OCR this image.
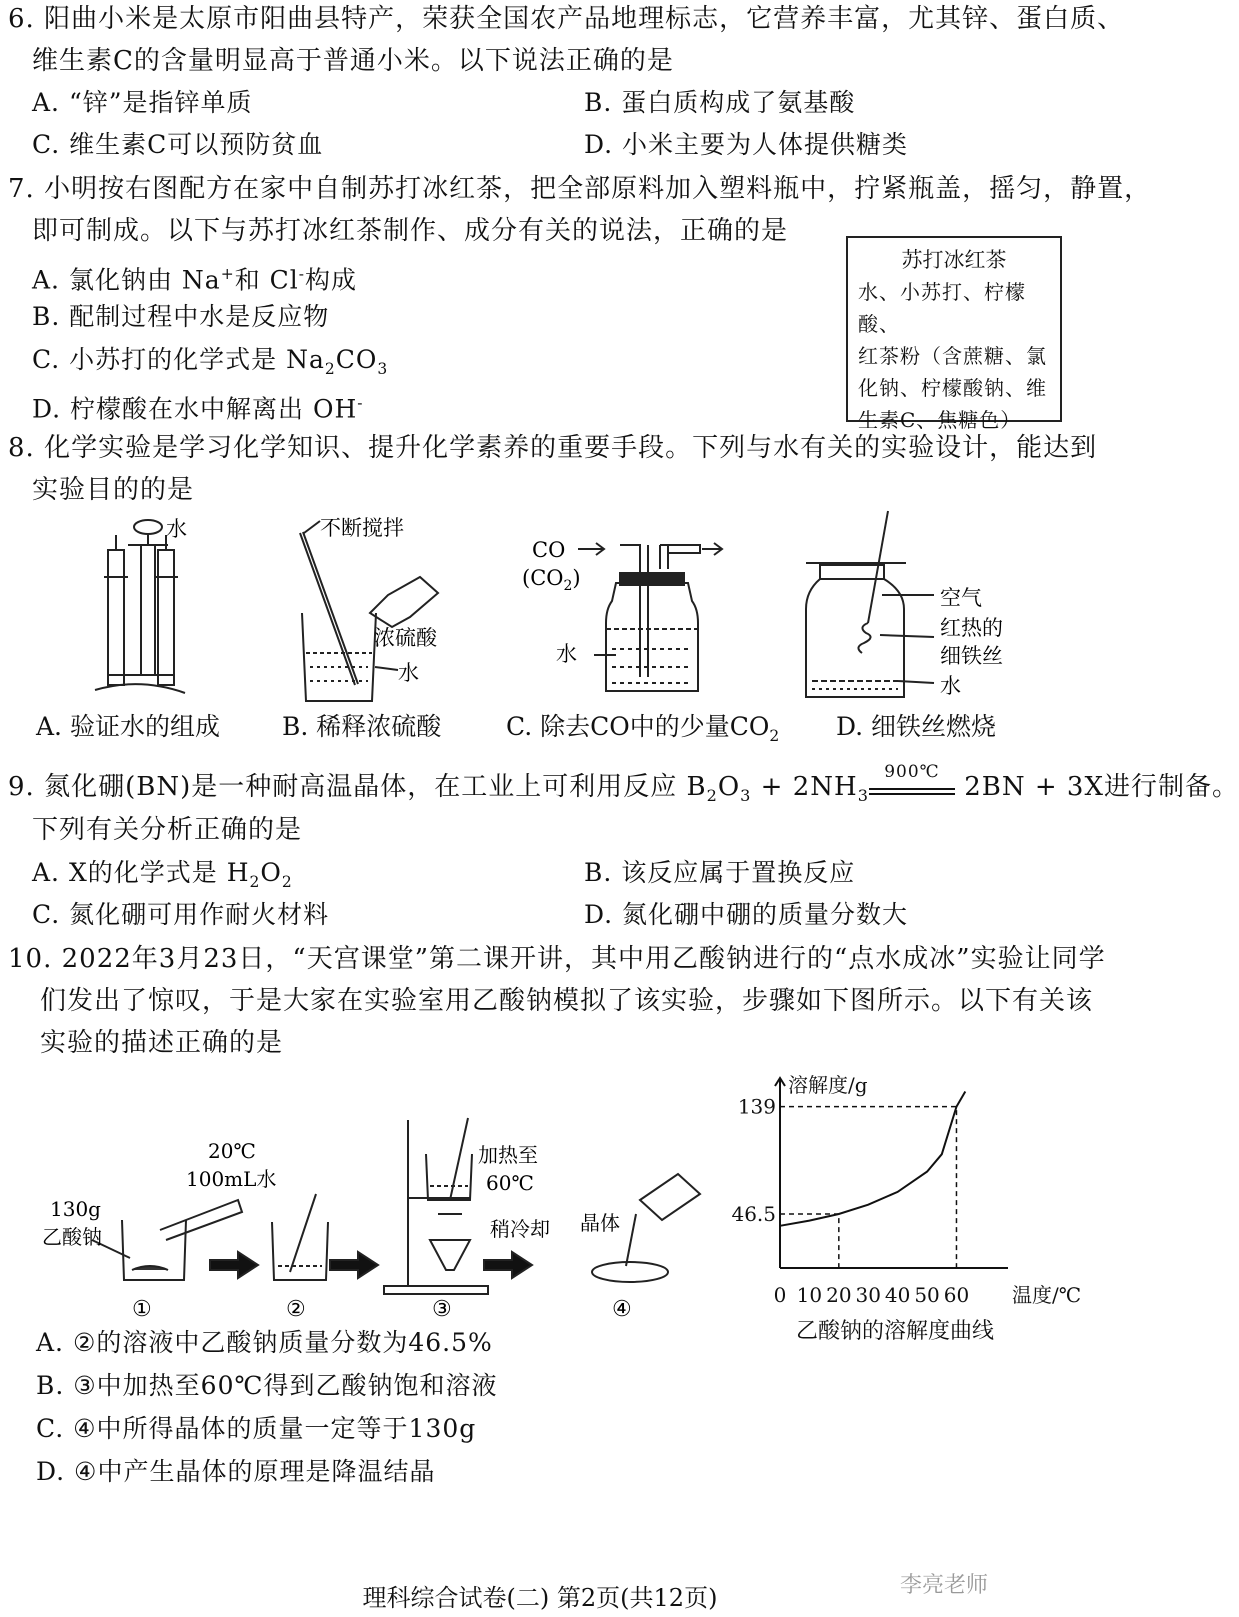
6. 阳曲小米是太原市阳曲县特产，荣获全国农产品地理标志，它营养丰富，尤其锌、蛋白质、
维生素C的含量明显高于普通小米。以下说法正确的是
A. “锌”是指锌单质	B. 蛋白质构成了氨基酸
C. 维生素C可以预防贫血	D. 小米主要为人体提供糖类
7. 小明按右图配方在家中自制苏打冰红茶，把全部原料加入塑料瓶中，拧紧瓶盖，摇匀，静置，
即可制成。以下与苏打冰红茶制作、成分有关的说法，正确的是
A. 氯化钠由 Na+和 Cl-构成
B. 配制过程中水是反应物
C. 小苏打的化学式是 $Na_2CO_3$
D. 柠檬酸在水中解离出 OH-
苏打冰红茶
水、小苏打、柠檬酸、
红茶粉（含蔗糖、氯
化钠、柠檬酸钠、维
生素C、焦糖色）
8. 化学实验是学习化学知识、提升化学素养的重要手段。下列与水有关的实验设计，能达到
实验目的的是
水	不断搅拌
浓硫酸
水
CO
$(CO_2)$
水
空气
红热的
细铁丝
水
A. 验证水的组成 B. 稀释浓硫酸	C. 除去CO中的少量$CO_2$ D. 细铁丝燃烧
9. 氮化硼(BN)是一种耐高温晶体，在工业上可利用反应 $B_2O_3 + 2NH_3$
900℃ 2BN + 3X进行制备。
下列有关分析正确的是
A. X的化学式是 $H_2O_2$	B. 该反应属于置换反应
C. 氮化硼可用作耐火材料	D. 氮化硼中硼的质量分数大
10. 2022年3月23日，“天宫课堂”第二课开讲，其中用乙酸钠进行的“点水成冰”实验让同学
们发出了惊叹，于是大家在实验室用乙酸钠模拟了该实验，步骤如下图所示。以下有关该
实验的描述正确的是
130g
乙酸钠
20℃
100mL水
加热至
60℃
稍冷却 晶体
①	②	③	④
溶解度/g
温度/℃
0 10 20 30 40 50 60
46.5
139
乙酸钠的溶解度曲线
A. ②的溶液中乙酸钠质量分数为46.5%
B. ③中加热至60℃得到乙酸钠饱和溶液
C. ④中所得晶体的质量一定等于130g
D. ④中产生晶体的原理是降温结晶
理科综合试卷(二) 第2页(共12页)	李亮老师
